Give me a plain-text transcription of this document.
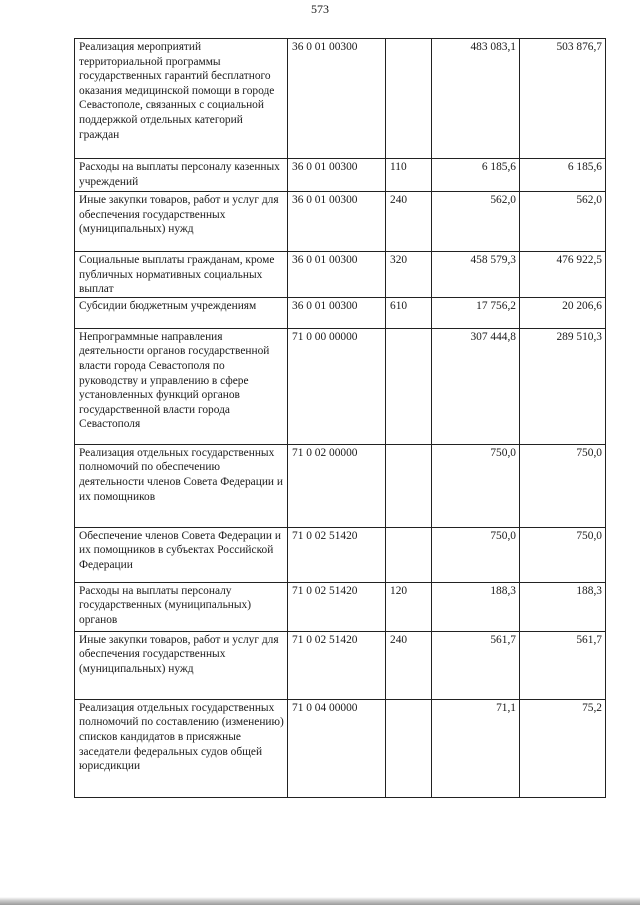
573
Реализация мероприятий территориальной программы государственных гарантий бесплатного оказания медицинской помощи в городе Севастополе, связанных с социальной поддержкой отдельных категорий граждан	36 0 01 00300		483 083,1	503 876,7

Расходы на выплаты персоналу казенных учреждений	36 0 01 00300	110	6 185,6	6 185,6

Иные закупки товаров, работ и услуг для обеспечения государственных (муниципальных) нужд	36 0 01 00300	240	562,0	562,0

Социальные выплаты гражданам, кроме публичных нормативных социальных выплат	36 0 01 00300	320	458 579,3	476 922,5

Субсидии бюджетным учреждениям	36 0 01 00300	610	17 756,2	20 206,6

Непрограммные направления деятельности органов государственной власти города Севастополя по руководству и управлению в сфере установленных функций органов государственной власти города Севастополя	71 0 00 00000		307 444,8	289 510,3

Реализация отдельных государственных полномочий по обеспечению деятельности членов Совета Федерации и их помощников	71 0 02 00000		750,0	750,0

Обеспечение членов Совета Федерации и их помощников в субъектах Российской Федерации	71 0 02 51420		750,0	750,0

Расходы на выплаты персоналу государственных (муниципальных) органов	71 0 02 51420	120	188,3	188,3

Иные закупки товаров, работ и услуг для обеспечения государственных (муниципальных) нужд	71 0 02 51420	240	561,7	561,7

Реализация отдельных государственных полномочий по составлению (изменению) списков кандидатов в присяжные заседатели федеральных судов общей юрисдикции	71 0 04 00000		71,1	75,2
